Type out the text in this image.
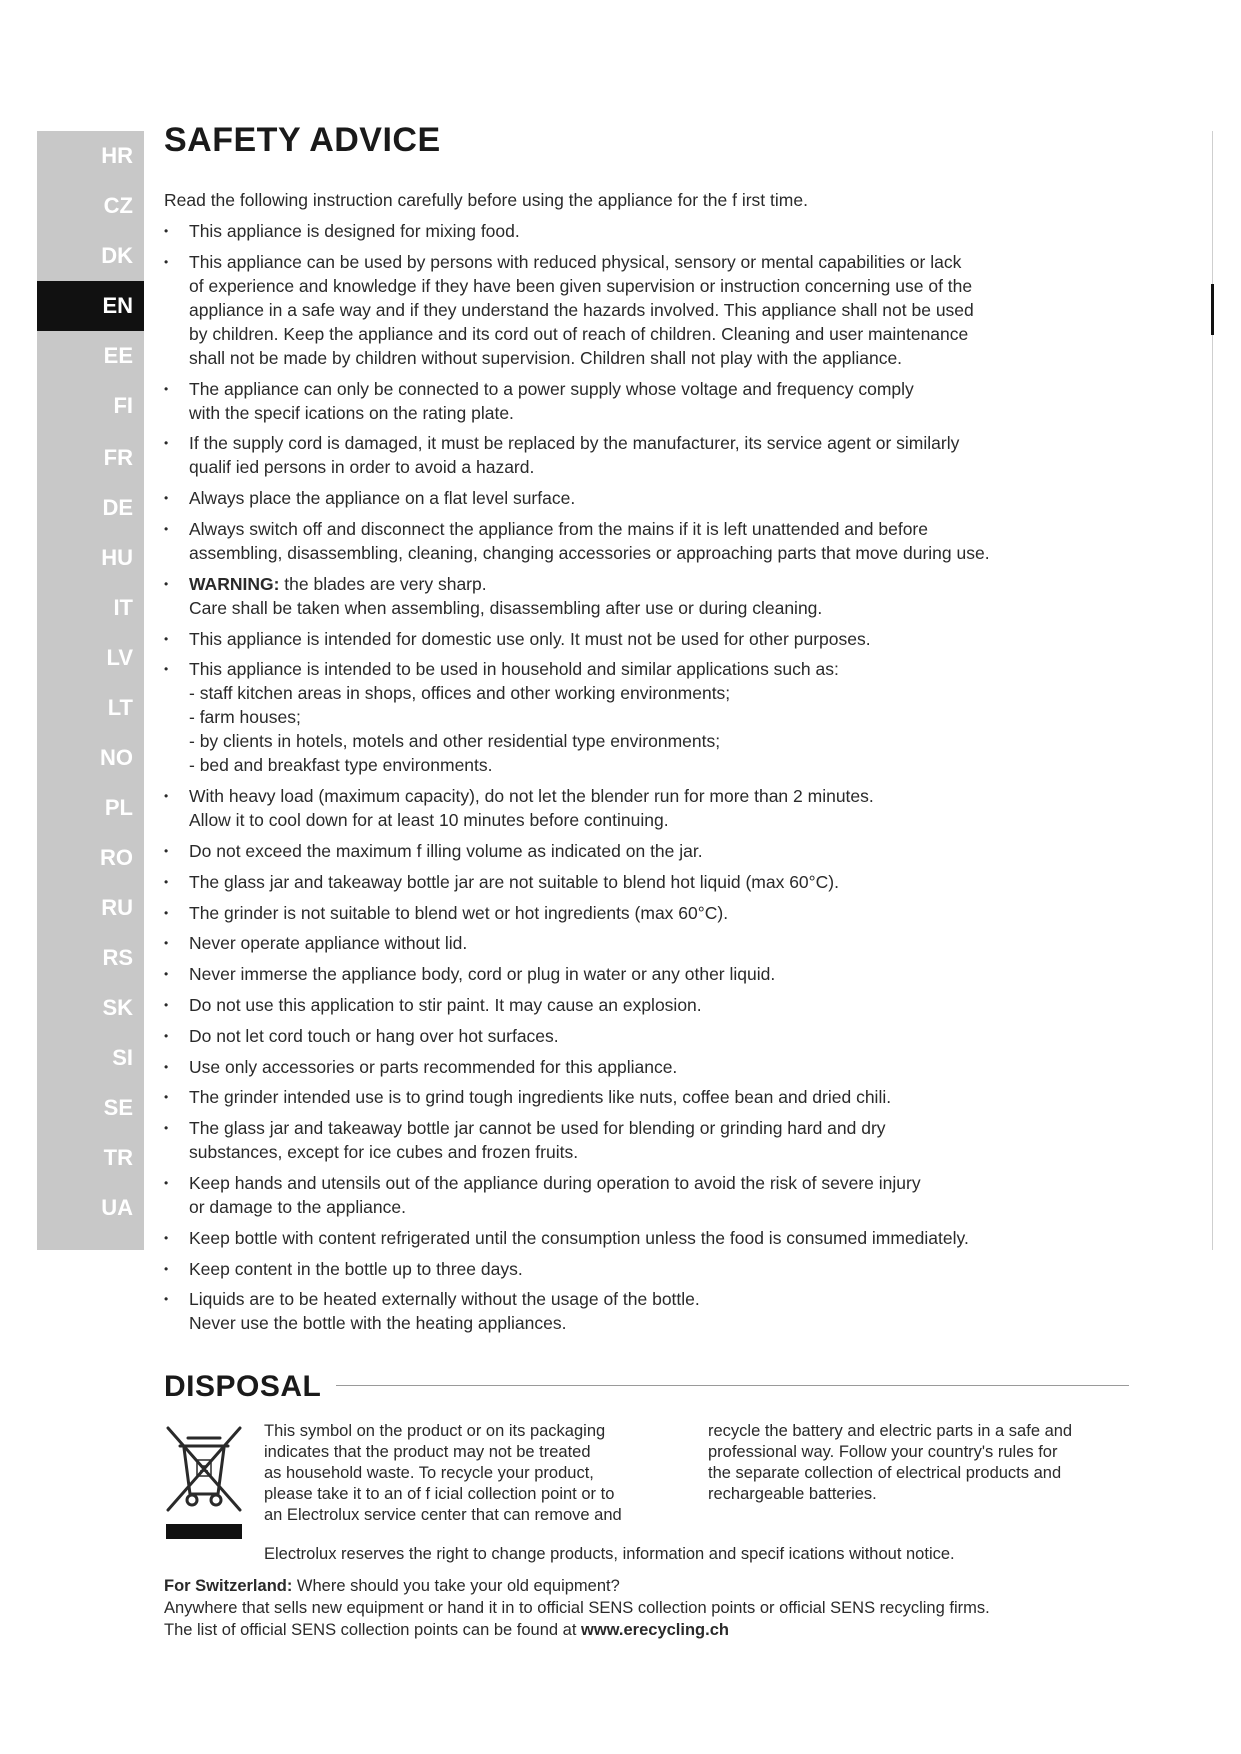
HR
CZ
DK
EN
EE
FI
FR
DE
HU
IT
LV
LT
NO
PL
RO
RU
RS
SK
SI
SE
TR
UA
SAFETY ADVICE

Read the following instruction carefully before using the appliance for the f irst time.

• This appliance is designed for mixing food.
• This appliance can be used by persons with reduced physical, sensory or mental capabilities or lack
of experience and knowledge if they have been given supervision or instruction concerning use of the
appliance in a safe way and if they understand the hazards involved. This appliance shall not be used
by children. Keep the appliance and its cord out of reach of children. Cleaning and user maintenance
shall not be made by children without supervision. Children shall not play with the appliance.
• The appliance can only be connected to a power supply whose voltage and frequency comply
with the specif ications on the rating plate.
• If the supply cord is damaged, it must be replaced by the manufacturer, its service agent or similarly
qualif ied persons in order to avoid a hazard.
• Always place the appliance on a flat level surface.
• Always switch off and disconnect the appliance from the mains if it is left unattended and before
assembling, disassembling, cleaning, changing accessories or approaching parts that move during use.
• WARNING: the blades are very sharp.
Care shall be taken when assembling, disassembling after use or during cleaning.
• This appliance is intended for domestic use only. It must not be used for other purposes.
• This appliance is intended to be used in household and similar applications such as:
- staff kitchen areas in shops, offices and other working environments;
- farm houses;
- by clients in hotels, motels and other residential type environments;
- bed and breakfast type environments.
• With heavy load (maximum capacity), do not let the blender run for more than 2 minutes.
Allow it to cool down for at least 10 minutes before continuing.
• Do not exceed the maximum f illing volume as indicated on the jar.
• The glass jar and takeaway bottle jar are not suitable to blend hot liquid (max 60°C).
• The grinder is not suitable to blend wet or hot ingredients (max 60°C).
• Never operate appliance without lid.
• Never immerse the appliance body, cord or plug in water or any other liquid.
• Do not use this application to stir paint. It may cause an explosion.
• Do not let cord touch or hang over hot surfaces.
• Use only accessories or parts recommended for this appliance.
• The grinder intended use is to grind tough ingredients like nuts, coffee bean and dried chili.
• The glass jar and takeaway bottle jar cannot be used for blending or grinding hard and dry
substances, except for ice cubes and frozen fruits.
• Keep hands and utensils out of the appliance during operation to avoid the risk of severe injury
or damage to the appliance.
• Keep bottle with content refrigerated until the consumption unless the food is consumed immediately.
• Keep content in the bottle up to three days.
• Liquids are to be heated externally without the usage of the bottle.
Never use the bottle with the heating appliances.
DISPOSAL
This symbol on the product or on its packaging
indicates that the product may not be treated
as household waste. To recycle your product,
please take it to an of f icial collection point or to
an Electrolux service center that can remove and
recycle the battery and electric parts in a safe and
professional way. Follow your country's rules for
the separate collection of electrical products and
rechargeable batteries.
Electrolux reserves the right to change products, information and specif ications without notice.
For Switzerland: Where should you take your old equipment?
Anywhere that sells new equipment or hand it in to official SENS collection points or official SENS recycling firms.
The list of official SENS collection points can be found at www.erecycling.ch
